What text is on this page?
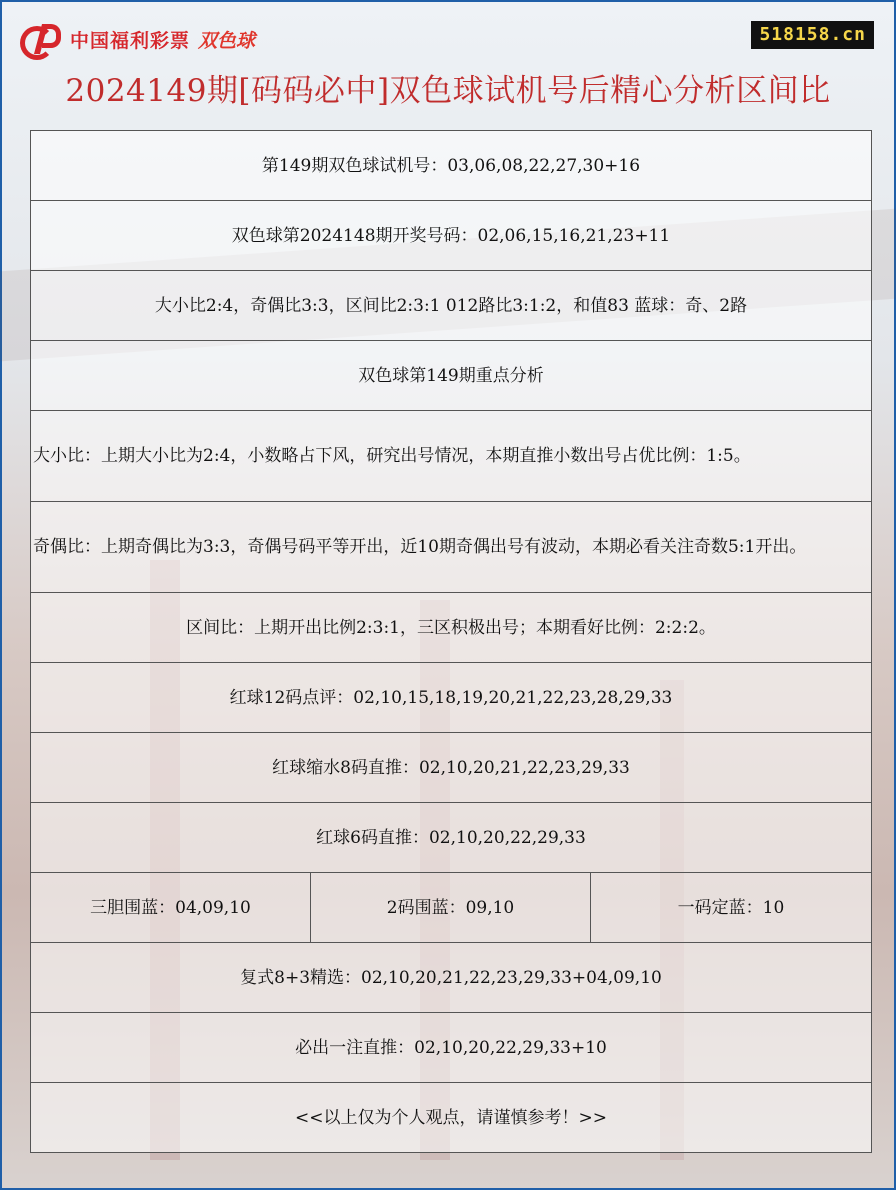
中国福利彩票 双色球	518158.cn
2024149期[码码必中]双色球试机号后精心分析区间比
第149期双色球试机号：03,06,08,22,27,30+16
双色球第2024148期开奖号码：02,06,15,16,21,23+11
大小比2:4，奇偶比3:3，区间比2:3:1 012路比3:1:2，和值83 蓝球：奇、2路
双色球第149期重点分析
大小比：上期大小比为2:4，小数略占下风，研究出号情况，本期直推小数出号占优比例：1:5。
奇偶比：上期奇偶比为3:3，奇偶号码平等开出，近10期奇偶出号有波动，本期必看关注奇数5:1开出。
区间比：上期开出比例2:3:1，三区积极出号；本期看好比例：2:2:2。
红球12码点评：02,10,15,18,19,20,21,22,23,28,29,33
红球缩水8码直推：02,10,20,21,22,23,29,33
红球6码直推：02,10,20,22,29,33
三胆围蓝：04,09,10	2码围蓝：09,10	一码定蓝：10
复式8+3精选：02,10,20,21,22,23,29,33+04,09,10
必出一注直推：02,10,20,22,29,33+10
<<以上仅为个人观点，请谨慎参考！>>
